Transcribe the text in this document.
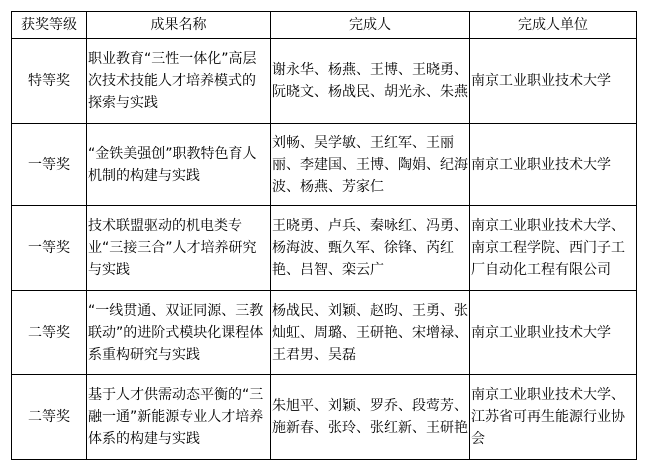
获奖等级	成果名称	完成人	完成人单位
特等奖	职业教育“三性一体化”高层次技术技能人才培养模式的探索与实践	谢永华、杨燕、王博、王晓勇、阮晓文、杨战民、胡光永、朱燕	南京工业职业技术大学
一等奖	“金铁美强创”职教特色育人机制的构建与实践	刘畅、吴学敏、王红军、王丽丽、李建国、王博、陶娟、纪海波、杨燕、芳家仁	南京工业职业技术大学
一等奖	技术联盟驱动的机电类专业“三接三合”人才培养研究与实践	王晓勇、卢兵、秦咏红、冯勇、杨海波、甄久军、徐锋、芮红艳、吕智、栾云广	南京工业职业技术大学、南京工程学院、西门子工厂自动化工程有限公司
二等奖	“一线贯通、双证同源、三教联动”的进阶式模块化课程体系重构研究与实践	杨战民、刘颖、赵昀、王勇、张灿虹、周璐、王研艳、宋增禄、王君男、吴磊	南京工业职业技术大学
二等奖	基于人才供需动态平衡的“三融一通”新能源专业人才培养体系的构建与实践	朱旭平、刘颖、罗乔、段莺芳、施新春、张玲、张红新、王研艳	南京工业职业技术大学、江苏省可再生能源行业协会
